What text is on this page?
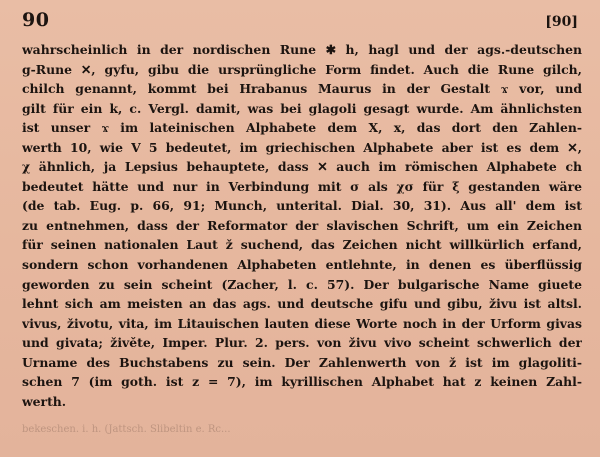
90	[90]
wahrscheinlich in der nordischen Rune ✱ h, hagl und der ags.-deutschen
g-Rune ✕, gyfu, gibu die ursprüngliche Form findet. Auch die Rune gilch,
chilch genannt, kommt bei Hrabanus Maurus in der Gestalt ϫ vor, und
gilt für ein k, c. Vergl. damit, was bei glagoli gesagt wurde. Am ähnlichsten
ist unser ϫ im lateinischen Alphabete dem X, x, das dort den Zahlen-
werth 10, wie V 5 bedeutet, im griechischen Alphabete aber ist es dem ✕,
χ ähnlich, ja Lepsius behauptete, dass ✕ auch im römischen Alphabete ch
bedeutet hätte und nur in Verbindung mit σ als χσ für ξ gestanden wäre
(de tab. Eug. p. 66, 91; Munch, unterital. Dial. 30, 31). Aus all' dem ist
zu entnehmen, dass der Reformator der slavischen Schrift, um ein Zeichen
für seinen nationalen Laut ž suchend, das Zeichen nicht willkürlich erfand,
sondern schon vorhandenen Alphabeten entlehnte, in denen es überflüssig
geworden zu sein scheint (Zacher, l. c. 57). Der bulgarische Name giuete
lehnt sich am meisten an das ags. und deutsche gifu und gibu, živu ist altsl.
vivus, životu, vita, im Litauischen lauten diese Worte noch in der Urform givas
und givata; živěte, Imper. Plur. 2. pers. von živu vivo scheint schwerlich der
Urname des Buchstabens zu sein. Der Zahlenwerth von ž ist im glagoliti-
schen 7 (im goth. ist z = 7), im kyrillischen Alphabet hat z keinen Zahl-
werth.
bekeschen. i. h. (Jattsch. Slibeltin e. Rc...
